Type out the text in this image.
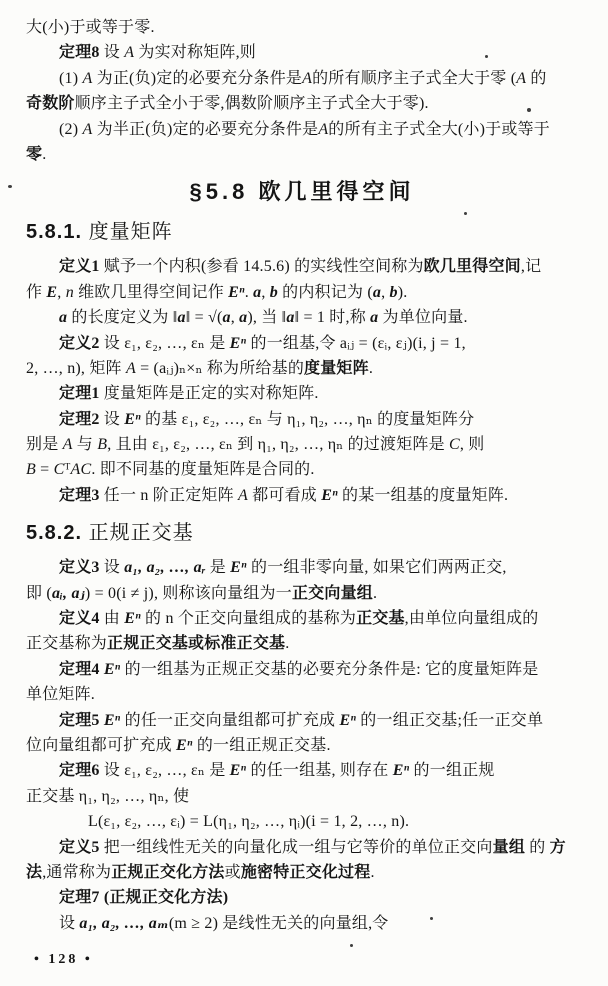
大(小)于或等于零.
定理8 设 A 为实对称矩阵,则
(1) A 为正(负)定的必要充分条件是A的所有顺序主子式全大于零 (A 的
奇数阶顺序主子式全小于零,偶数阶顺序主子式全大于零).
(2) A 为半正(负)定的必要充分条件是A的所有主子式全大(小)于或等于
零.
§5.8 欧几里得空间
5.8.1. 度量矩阵
定义1 赋予一个内积(参看 14.5.6) 的实线性空间称为欧几里得空间,记
作 E, n 维欧几里得空间记作 Eⁿ. a, b 的内积记为 (a, b).
a 的长度定义为 ‖a‖ = √(a, a), 当 ‖a‖ = 1 时,称 a 为单位向量.
定义2 设 ε₁, ε₂, …, εₙ 是 Eⁿ 的一组基,令 aᵢⱼ = (εᵢ, εⱼ)(i, j = 1,
2, …, n), 矩阵 A = (aᵢⱼ)ₙ×ₙ 称为所给基的度量矩阵.
定理1 度量矩阵是正定的实对称矩阵.
定理2 设 Eⁿ 的基 ε₁, ε₂, …, εₙ 与 η₁, η₂, …, ηₙ 的度量矩阵分
别是 A 与 B, 且由 ε₁, ε₂, …, εₙ 到 η₁, η₂, …, ηₙ 的过渡矩阵是 C, 则
B = CᵀAC. 即不同基的度量矩阵是合同的.
定理3 任一 n 阶正定矩阵 A 都可看成 Eⁿ 的某一组基的度量矩阵.
5.8.2. 正规正交基
定义3 设 a₁, a₂, …, aᵣ 是 Eⁿ 的一组非零向量, 如果它们两两正交,
即 (aᵢ, aⱼ) = 0(i ≠ j), 则称该向量组为一正交向量组.
定义4 由 Eⁿ 的 n 个正交向量组成的基称为正交基,由单位向量组成的
正交基称为正规正交基或标准正交基.
定理4 Eⁿ 的一组基为正规正交基的必要充分条件是: 它的度量矩阵是
单位矩阵.
定理5 Eⁿ 的任一正交向量组都可扩充成 Eⁿ 的一组正交基;任一正交单
位向量组都可扩充成 Eⁿ 的一组正规正交基.
定理6 设 ε₁, ε₂, …, εₙ 是 Eⁿ 的任一组基, 则存在 Eⁿ 的一组正规
正交基 η₁, η₂, …, ηₙ, 使
L(ε₁, ε₂, …, εᵢ) = L(η₁, η₂, …, ηᵢ)(i = 1, 2, …, n).
定义5 把一组线性无关的向量化成一组与它等价的单位正交向量组 的 方
法,通常称为正规正交化方法或施密特正交化过程.
定理7 (正规正交化方法)
设 a₁, a₂, …, aₘ(m ≥ 2) 是线性无关的向量组,令
• 128 •
